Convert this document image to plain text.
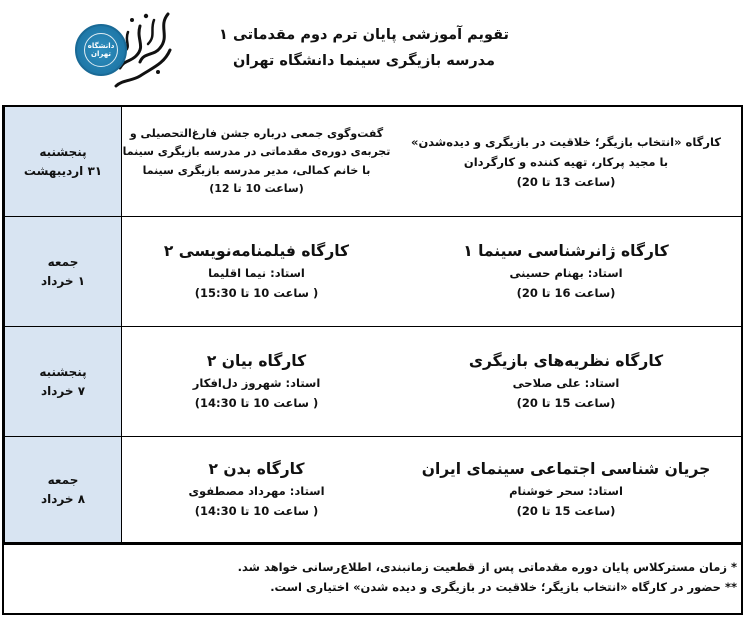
تقویم آموزشی پایان ترم دوم مقدماتی ۱
مدرسه بازیگری سینما دانشگاه تهران
دانشگاه
تهران
پنجشنبه
۳۱ اردیبهشت
گفت‌وگوی جمعی درباره جشن فارغ‌التحصیلی و
تجربه‌ی دوره‌ی مقدماتی در مدرسه بازیگری سینما
با خانم کمالی، مدیر مدرسه بازیگری سینما
(ساعت 10 تا 12)
کارگاه «انتخاب بازیگر؛ خلاقیت در بازیگری و دیده‌شدن»
با مجید پرکار، تهیه کننده و کارگردان
(ساعت 13 تا 20)
جمعه
۱ خرداد
کارگاه فیلمنامه‌نویسی ۲
استاد: نیما اقلیما
( ساعت 10 تا 15:30)
کارگاه ژانرشناسی سینما ۱
استاد: بهنام حسینی
(ساعت 16 تا 20)
پنجشنبه
۷ خرداد
کارگاه بیان ۲
استاد: شهروز دل‌افکار
( ساعت 10 تا 14:30)
کارگاه نظریه‌های بازیگری
استاد: علی صلاحی
(ساعت 15 تا 20)
جمعه
۸ خرداد
کارگاه بدن ۲
استاد: مهرداد مصطفوی
( ساعت 10 تا 14:30)
جریان شناسی اجتماعی سینمای ایران
استاد: سحر خوشنام
(ساعت 15 تا 20)
* زمان مسترکلاس پایان دوره مقدماتی پس از قطعیت زمانبندی، اطلاع‌رسانی خواهد شد.
** حضور در کارگاه «انتخاب بازیگر؛ خلاقیت در بازیگری و دیده شدن» اختیاری است.
